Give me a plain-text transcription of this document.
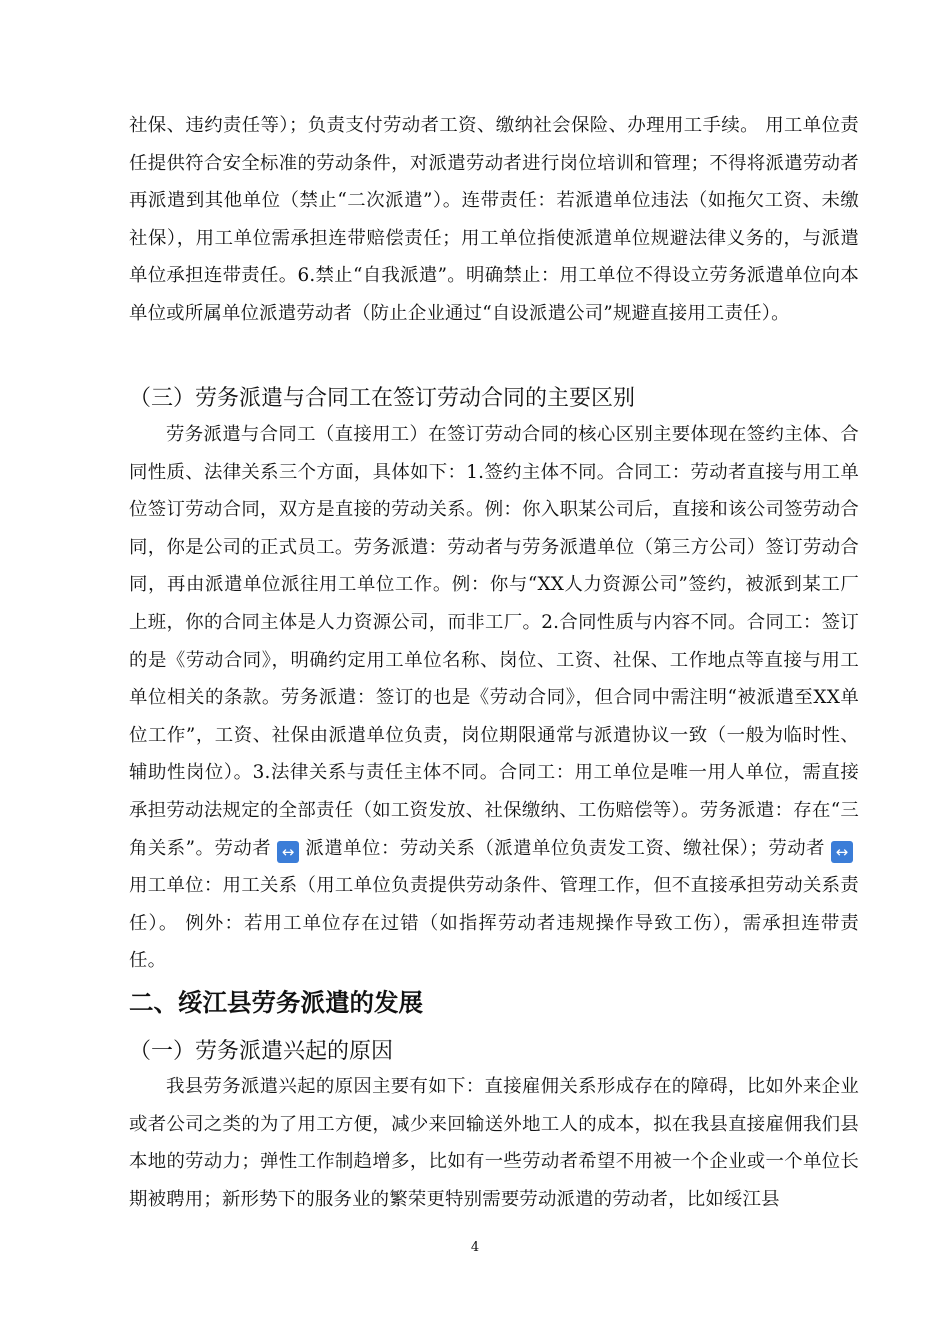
社保、违约责任等）；负责支付劳动者工资、缴纳社会保险、办理用工手续。 用工单位责任提供符合安全标准的劳动条件，对派遣劳动者进行岗位培训和管理；不得将派遣劳动者再派遣到其他单位（禁止“二次派遣”）。连带责任：若派遣单位违法（如拖欠工资、未缴社保），用工单位需承担连带赔偿责任；用工单位指使派遣单位规避法律义务的，与派遣单位承担连带责任。6.禁止“自我派遣”。明确禁止：用工单位不得设立劳务派遣单位向本单位或所属单位派遣劳动者（防止企业通过“自设派遣公司”规避直接用工责任）。

（三）劳务派遣与合同工在签订劳动合同的主要区别

劳务派遣与合同工（直接用工）在签订劳动合同的核心区别主要体现在签约主体、合同性质、法律关系三个方面，具体如下：1.签约主体不同。合同工：劳动者直接与用工单位签订劳动合同，双方是直接的劳动关系。例：你入职某公司后，直接和该公司签劳动合同，你是公司的正式员工。劳务派遣：劳动者与劳务派遣单位（第三方公司）签订劳动合同，再由派遣单位派往用工单位工作。例：你与“XX人力资源公司”签约，被派到某工厂上班，你的合同主体是人力资源公司，而非工厂。2.合同性质与内容不同。合同工：签订的是《劳动合同》，明确约定用工单位名称、岗位、工资、社保、工作地点等直接与用工单位相关的条款。劳务派遣：签订的也是《劳动合同》，但合同中需注明“被派遣至XX单位工作”，工资、社保由派遣单位负责，岗位期限通常与派遣协议一致（一般为临时性、辅助性岗位）。3.法律关系与责任主体不同。合同工：用工单位是唯一用人单位，需直接承担劳动法规定的全部责任（如工资发放、社保缴纳、工伤赔偿等）。劳务派遣：存在“三角关系”。劳动者 ↔ 派遣单位：劳动关系（派遣单位负责发工资、缴社保）；劳动者 ↔用工单位：用工关系（用工单位负责提供劳动条件、管理工作，但不直接承担劳动关系责任）。 例外：若用工单位存在过错（如指挥劳动者违规操作导致工伤），需承担连带责任。

二、绥江县劳务派遣的发展
（一）劳务派遣兴起的原因

我县劳务派遣兴起的原因主要有如下：直接雇佣关系形成存在的障碍，比如外来企业或者公司之类的为了用工方便，减少来回输送外地工人的成本，拟在我县直接雇佣我们县本地的劳动力；弹性工作制趋增多，比如有一些劳动者希望不用被一个企业或一个单位长期被聘用；新形势下的服务业的繁荣更特别需要劳动派遣的劳动者，比如绥江县

4
